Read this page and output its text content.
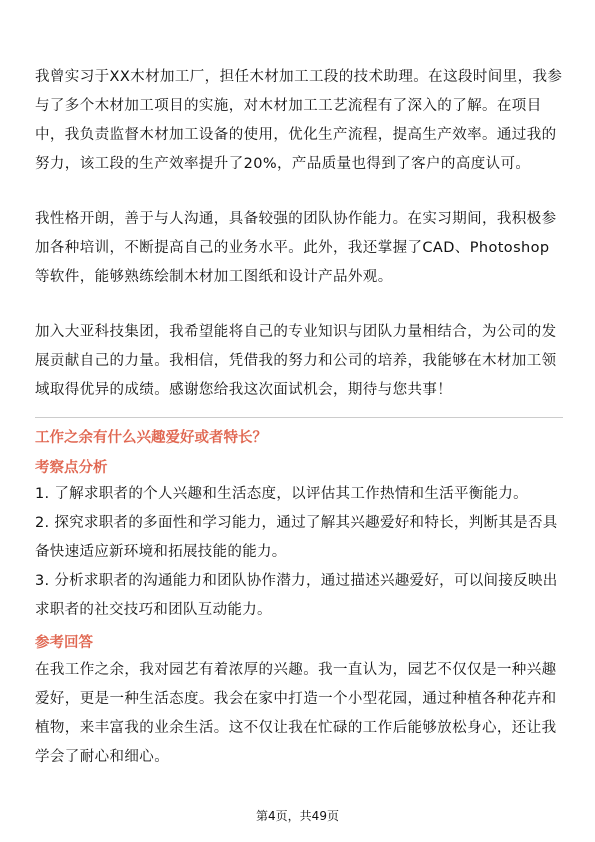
我曾实习于XX木材加工厂，担任木材加工工段的技术助理。在这段时间里，我参与了多个木材加工项目的实施，对木材加工工艺流程有了深入的了解。在项目中，我负责监督木材加工设备的使用，优化生产流程，提高生产效率。通过我的努力，该工段的生产效率提升了20%，产品质量也得到了客户的高度认可。

我性格开朗，善于与人沟通，具备较强的团队协作能力。在实习期间，我积极参加各种培训，不断提高自己的业务水平。此外，我还掌握了CAD、Photoshop等软件，能够熟练绘制木材加工图纸和设计产品外观。

加入大亚科技集团，我希望能将自己的专业知识与团队力量相结合，为公司的发展贡献自己的力量。我相信，凭借我的努力和公司的培养，我能够在木材加工领域取得优异的成绩。感谢您给我这次面试机会，期待与您共事！

工作之余有什么兴趣爱好或者特长？
考察点分析
1. 了解求职者的个人兴趣和生活态度，以评估其工作热情和生活平衡能力。
2. 探究求职者的多面性和学习能力，通过了解其兴趣爱好和特长，判断其是否具备快速适应新环境和拓展技能的能力。
3. 分析求职者的沟通能力和团队协作潜力，通过描述兴趣爱好，可以间接反映出求职者的社交技巧和团队互动能力。
参考回答

在我工作之余，我对园艺有着浓厚的兴趣。我一直认为，园艺不仅仅是一种兴趣爱好，更是一种生活态度。我会在家中打造一个小型花园，通过种植各种花卉和植物，来丰富我的业余生活。这不仅让我在忙碌的工作后能够放松身心，还让我学会了耐心和细心。

第4页，共49页
